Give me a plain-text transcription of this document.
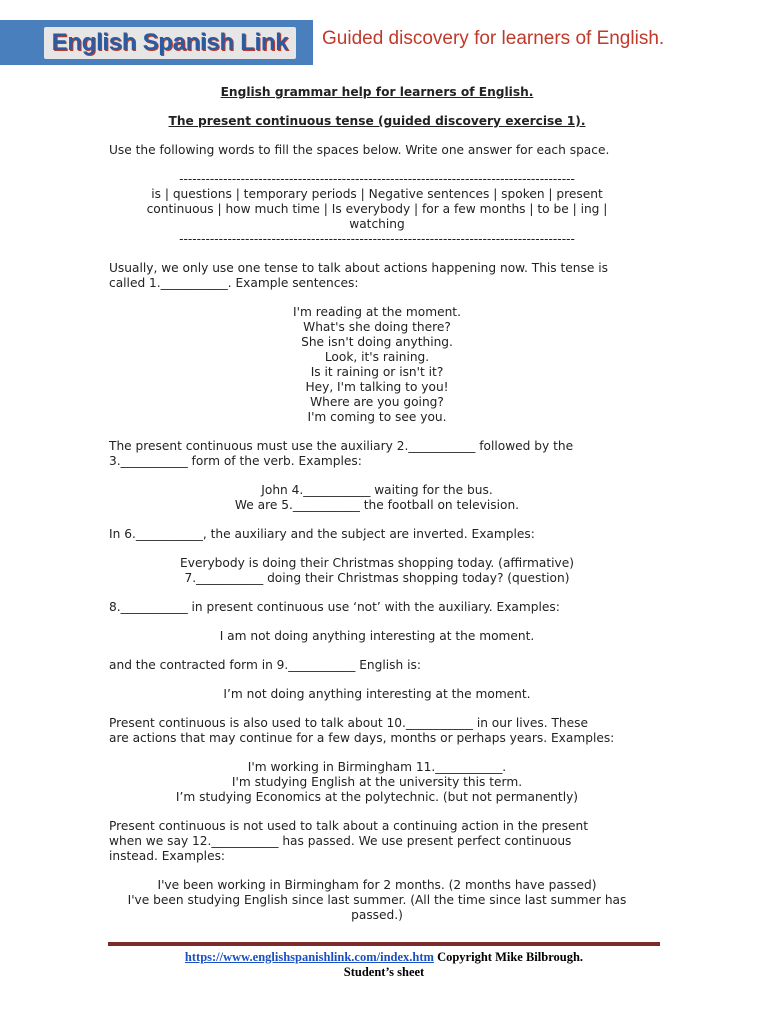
English Spanish Link	Guided discovery for learners of English.
English grammar help for learners of English.
The present continuous tense (guided discovery exercise 1).
Use the following words to fill the spaces below. Write one answer for each space.
------------------------------------------------------------------------------------------
is | questions | temporary periods | Negative sentences | spoken | present
continuous | how much time | Is everybody | for a few months | to be | ing |
watching
------------------------------------------------------------------------------------------
Usually, we only use one tense to talk about actions happening now. This tense is
called 1.___________. Example sentences:
I'm reading at the moment.
What's she doing there?
She isn't doing anything.
Look, it's raining.
Is it raining or isn't it?
Hey, I'm talking to you!
Where are you going?
I'm coming to see you.
The present continuous must use the auxiliary 2.___________ followed by the
3.___________ form of the verb. Examples:
John 4.___________ waiting for the bus.
We are 5.___________ the football on television.
In 6.___________, the auxiliary and the subject are inverted. Examples:
Everybody is doing their Christmas shopping today. (affirmative)
7.___________ doing their Christmas shopping today? (question)
8.___________ in present continuous use ‘not’ with the auxiliary. Examples:
I am not doing anything interesting at the moment.
and the contracted form in 9.___________ English is:
I’m not doing anything interesting at the moment.
Present continuous is also used to talk about 10.___________ in our lives. These
are actions that may continue for a few days, months or perhaps years. Examples:
I'm working in Birmingham 11.___________.
I'm studying English at the university this term.
I’m studying Economics at the polytechnic. (but not permanently)
Present continuous is not used to talk about a continuing action in the present
when we say 12.___________ has passed. We use present perfect continuous
instead. Examples:
I've been working in Birmingham for 2 months. (2 months have passed)
I've been studying English since last summer. (All the time since last summer has
passed.)
https://www.englishspanishlink.com/index.htm Copyright Mike Bilbrough.
Student’s sheet
